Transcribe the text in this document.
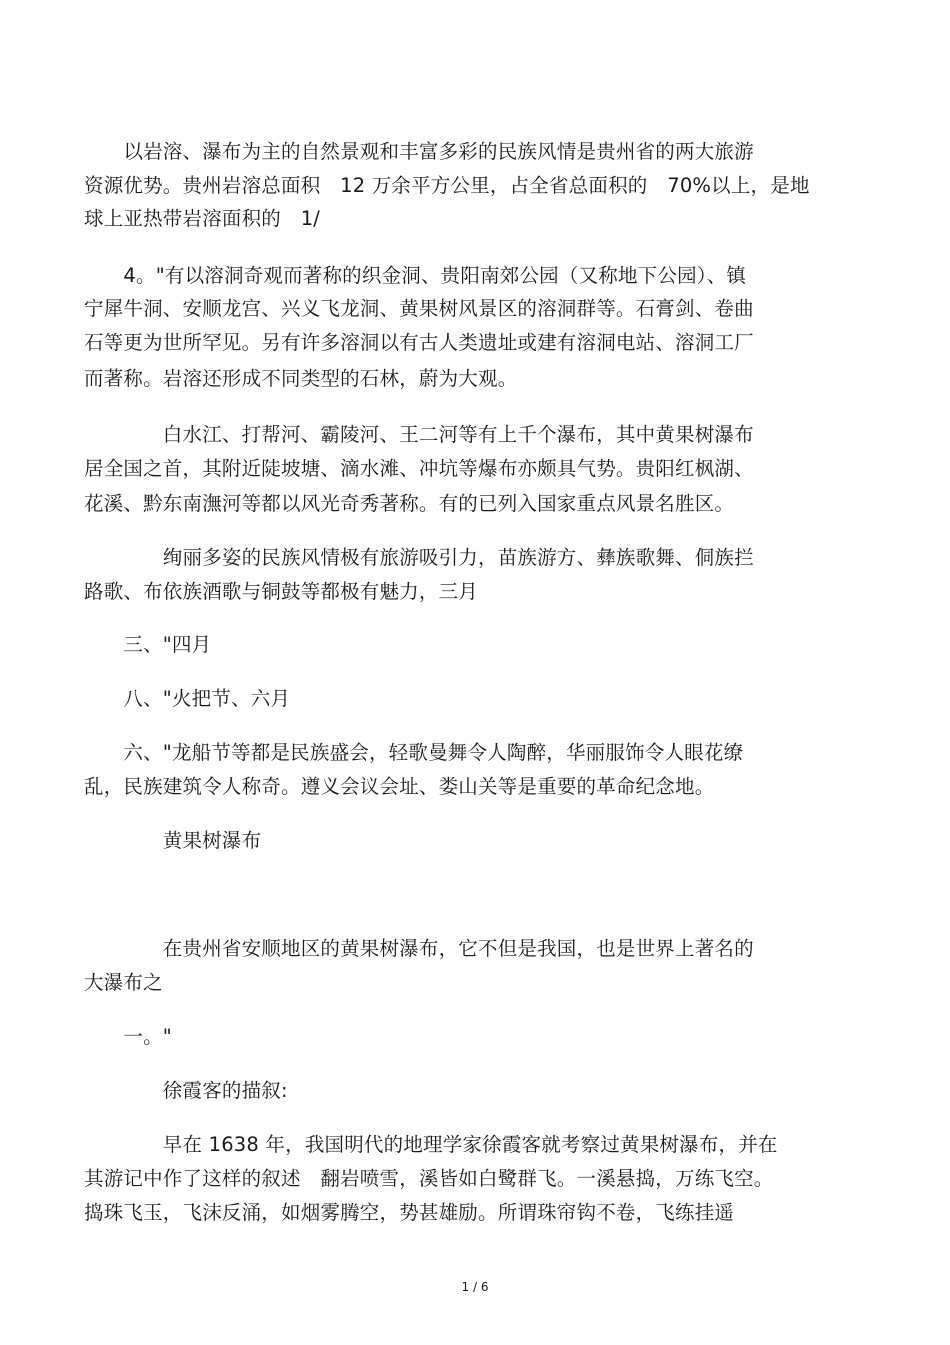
　　以岩溶、瀑布为主的自然景观和丰富多彩的民族风情是贵州省的两大旅游
资源优势。贵州岩溶总面积　12 万余平方公里，占全省总面积的　70%以上，是地
球上亚热带岩溶面积的　1/
　　4。"有以溶洞奇观而著称的织金洞、贵阳南郊公园（又称地下公园）、镇
宁犀牛洞、安顺龙宫、兴义飞龙洞、黄果树风景区的溶洞群等。石膏剑、卷曲
石等更为世所罕见。另有许多溶洞以有古人类遗址或建有溶洞电站、溶洞工厂
而著称。岩溶还形成不同类型的石林，蔚为大观。
　　　　白水江、打帮河、霸陵河、王二河等有上千个瀑布，其中黄果树瀑布
居全国之首，其附近陡坡塘、滴水滩、冲坑等爆布亦颇具气势。贵阳红枫湖、
花溪、黔东南潕河等都以风光奇秀著称。有的已列入国家重点风景名胜区。
　　　　绚丽多姿的民族风情极有旅游吸引力，苗族游方、彝族歌舞、侗族拦
路歌、布依族酒歌与铜鼓等都极有魅力，三月
　　三、"四月
　　八、"火把节、六月
　　六、"龙船节等都是民族盛会，轻歌曼舞令人陶醉，华丽服饰令人眼花缭
乱，民族建筑令人称奇。遵义会议会址、娄山关等是重要的革命纪念地。
　　　　黄果树瀑布
　　　　在贵州省安顺地区的黄果树瀑布，它不但是我国，也是世界上著名的
大瀑布之
　　一。"
　　　　徐霞客的描叙:
　　　　早在 1638 年，我国明代的地理学家徐霞客就考察过黄果树瀑布，并在
其游记中作了这样的叙述　翻岩喷雪，溪皆如白鹭群飞。一溪悬捣，万练飞空。
捣珠飞玉，飞沫反涌，如烟雾腾空，势甚雄励。所谓珠帘钩不卷，飞练挂遥
1 / 6
